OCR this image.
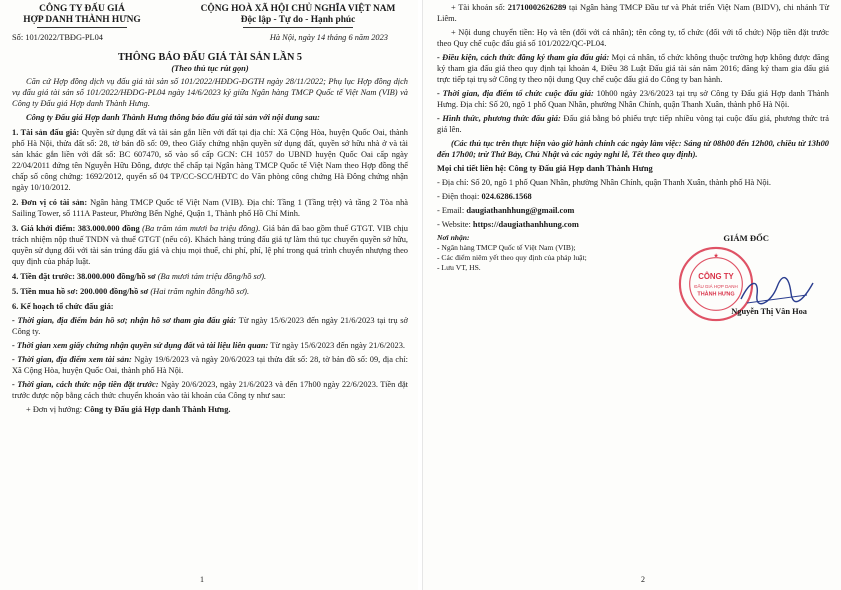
CÔNG TY ĐẤU GIÁ
HỢP DANH THÀNH HƯNG
CỘNG HOÀ XÃ HỘI CHỦ NGHĨA VIỆT NAM
Độc lập - Tự do - Hạnh phúc
Số: 101/2022/TBĐG-PL04	Hà Nội, ngày 14 tháng 6 năm 2023
THÔNG BÁO ĐẤU GIÁ TÀI SẢN LẦN 5
(Theo thủ tục rút gọn)

Căn cứ Hợp đồng dịch vụ đấu giá tài sản số 101/2022/HĐDG-ĐGTH ngày 28/11/2022; Phụ lục Hợp đồng dịch vụ đấu giá tài sản số 101/2022/HĐDG-PL04 ngày 14/6/2023 ký giữa Ngân hàng TMCP Quốc tế Việt Nam (VIB) và Công ty Đấu giá Hợp danh Thành Hưng.

Công ty Đấu giá Hợp danh Thành Hưng thông báo đấu giá tài sản với nội dung sau:

1. Tài sản đấu giá: Quyền sử dụng đất và tài sản gắn liền với đất tại địa chỉ: Xã Cộng Hòa, huyện Quốc Oai, thành phố Hà Nội, thửa đất số: 28, tờ bản đồ số: 09, theo Giấy chứng nhận quyền sử dụng đất, quyền sở hữu nhà ở và tài sản khác gắn liền với đất số: BC 607470, số vào sổ cấp GCN: CH 1057 do UBND huyện Quốc Oai cấp ngày 22/04/2011 đứng tên Nguyễn Hữu Đông, được thế chấp tại Ngân hàng TMCP Quốc tế Việt Nam theo Hợp đồng thế chấp số công chứng: 1692/2012, quyển số 04 TP/CC-SCC/HĐTC do Văn phòng công chứng Hà Đông chứng nhận ngày 10/10/2012.

2. Đơn vị có tài sản: Ngân hàng TMCP Quốc tế Việt Nam (VIB). Địa chỉ: Tầng 1 (Tầng trệt) và tầng 2 Tòa nhà Sailing Tower, số 111A Pasteur, Phường Bến Nghé, Quận 1, Thành phố Hồ Chí Minh.

3. Giá khởi điểm: 383.000.000 đồng (Ba trăm tám mươi ba triệu đồng). Giá bán đã bao gồm thuế GTGT. VIB chịu trách nhiệm nộp thuế TNDN và thuế GTGT (nếu có). Khách hàng trúng đấu giá tự làm thủ tục chuyển quyền sở hữu, quyền sử dụng đối với tài sản trúng đấu giá và chịu mọi thuế, chi phí, phí, lệ phí trong quá trình chuyển nhượng theo quy định của pháp luật.

4. Tiền đặt trước: 38.000.000 đồng/hồ sơ (Ba mươi tám triệu đồng/hồ sơ).

5. Tiền mua hồ sơ: 200.000 đồng/hồ sơ (Hai trăm nghìn đồng/hồ sơ).

6. Kế hoạch tổ chức đấu giá:

- Thời gian, địa điểm bán hồ sơ; nhận hồ sơ tham gia đấu giá: Từ ngày 15/6/2023 đến ngày 21/6/2023 tại trụ sở Công ty.

- Thời gian xem giấy chứng nhận quyền sử dụng đất và tài liệu liên quan: Từ ngày 15/6/2023 đến ngày 21/6/2023.

- Thời gian, địa điểm xem tài sản: Ngày 19/6/2023 và ngày 20/6/2023 tại thửa đất số: 28, tờ bản đồ số: 09, địa chỉ: Xã Cộng Hòa, huyện Quốc Oai, thành phố Hà Nội.

- Thời gian, cách thức nộp tiền đặt trước: Ngày 20/6/2023, ngày 21/6/2023 và đến 17h00 ngày 22/6/2023. Tiền đặt trước được nộp bằng cách thức chuyển khoản vào tài khoản của Công ty như sau:

+ Đơn vị hưởng: Công ty Đấu giá Hợp danh Thành Hưng.

1

+ Tài khoản số: 21710002626289 tại Ngân hàng TMCP Đầu tư và Phát triển Việt Nam (BIDV), chi nhánh Từ Liêm.

+ Nội dung chuyển tiền: Họ và tên (đối với cá nhân); tên công ty, tổ chức (đối với tổ chức) Nộp tiền đặt trước theo Quy chế cuộc đấu giá số 101/2022/QC-PL04.

- Điều kiện, cách thức đăng ký tham gia đấu giá: Mọi cá nhân, tổ chức không thuộc trường hợp không được đăng ký tham gia đấu giá theo quy định tại khoản 4, Điều 38 Luật Đấu giá tài sản năm 2016; đăng ký tham gia đấu giá trực tiếp tại trụ sở Công ty theo nội dung Quy chế cuộc đấu giá do Công ty ban hành.

- Thời gian, địa điểm tổ chức cuộc đấu giá: 10h00 ngày 23/6/2023 tại trụ sở Công ty Đấu giá Hợp danh Thành Hưng. Địa chỉ: Số 20, ngõ 1 phố Quan Nhân, phường Nhân Chính, quận Thanh Xuân, thành phố Hà Nội.

- Hình thức, phương thức đấu giá: Đấu giá bằng bỏ phiếu trực tiếp nhiều vòng tại cuộc đấu giá, phương thức trả giá lên.

(Các thủ tục trên thực hiện vào giờ hành chính các ngày làm việc: Sáng từ 08h00 đến 12h00, chiều từ 13h00 đến 17h00; trừ Thứ Bảy, Chủ Nhật và các ngày nghỉ lễ, Tết theo quy định).

Mọi chi tiết liên hệ: Công ty Đấu giá Hợp danh Thành Hưng

- Địa chỉ: Số 20, ngõ 1 phố Quan Nhân, phường Nhân Chính, quận Thanh Xuân, thành phố Hà Nội.

- Điện thoại: 024.6286.1568

- Email: daugiathanhhung@gmail.com

- Website: https://daugiathanhhung.com

Nơi nhận:
- Ngân hàng TMCP Quốc tế Việt Nam (VIB);
- Các điểm niêm yết theo quy định của pháp luật;
- Lưu VT, HS.
GIÁM ĐỐC
CÔNG TY
ĐẤU GIÁ HỢP DANH
THÀNH HƯNG
★
Nguyễn Thị Vân Hoa
2
